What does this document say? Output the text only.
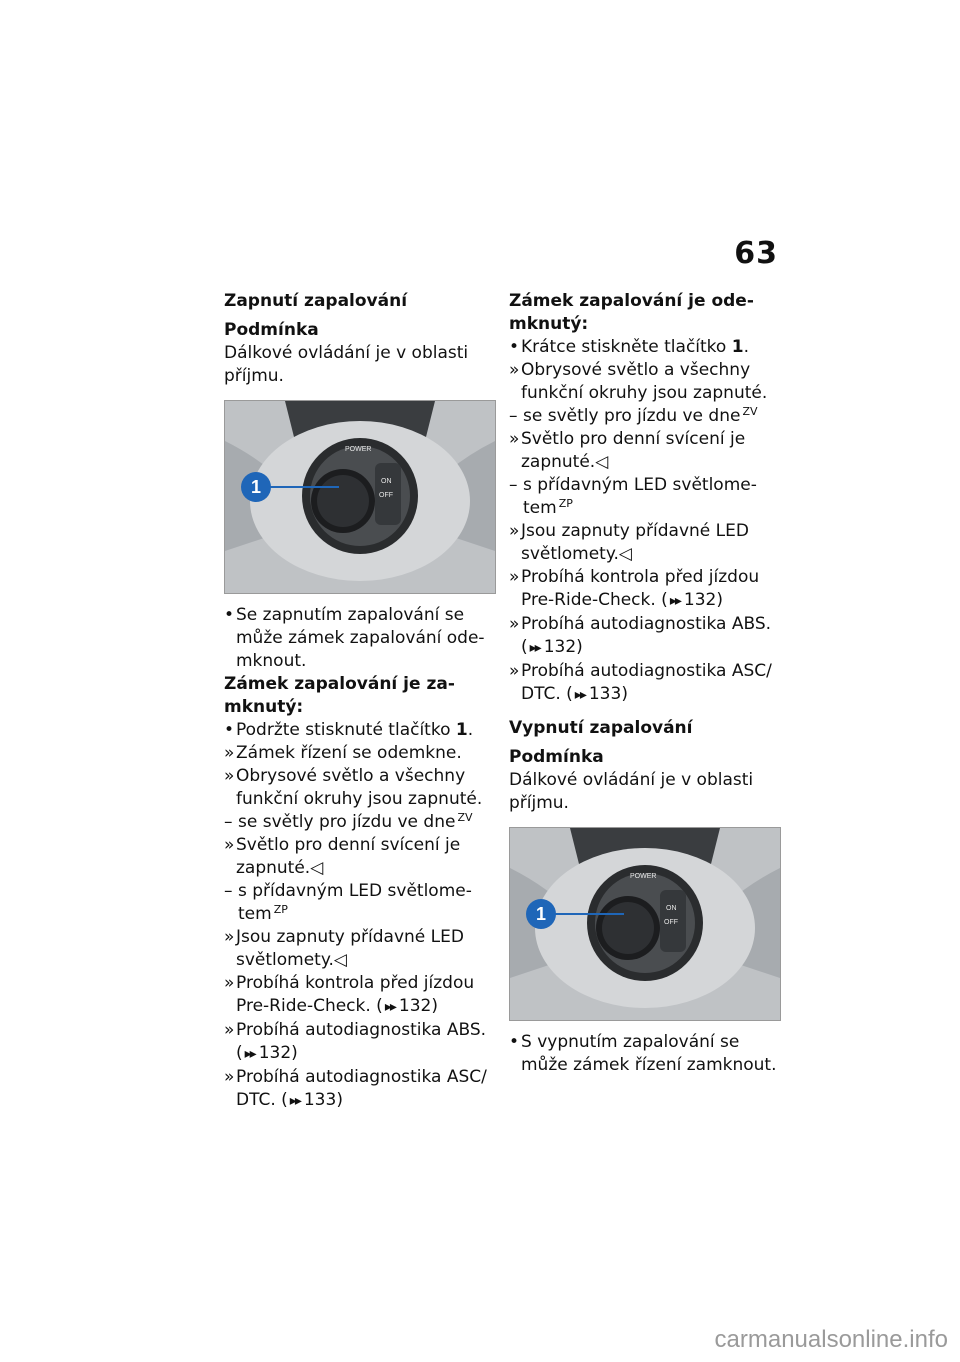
63

Zapnutí zapalování

Podmínka

Dálkové ovládání je v oblasti příjmu.

POWER
ON
OFF
1
• Se zapnutím zapalování se může zámek zapalování ode-mknout.

Zámek zapalování je za-mknutý:

• Podržte stisknuté tlačítko 1.
» Zámek řízení se odemkne.
» Obrysové světlo a všechny funkční okruhy jsou zapnuté.
– se světly pro jízdu ve dne $^{ZV}$
» Světlo pro denní svícení je zapnuté.◁
– s přídavným LED světlome-tem $^{ZP}$
» Jsou zapnuty přídavné LED světlomety.◁
» Probíhá kontrola před jízdou Pre-Ride-Check. ( ▸▸ 132)
» Probíhá autodiagnostika ABS. ( ▸▸ 132)
» Probíhá autodiagnostika ASC/ DTC. ( ▸▸ 133)

Zámek zapalování je ode-mknutý:

• Krátce stiskněte tlačítko 1.
» Obrysové světlo a všechny funkční okruhy jsou zapnuté.
– se světly pro jízdu ve dne $^{ZV}$
» Světlo pro denní svícení je zapnuté.◁
– s přídavným LED světlome-tem $^{ZP}$
» Jsou zapnuty přídavné LED světlomety.◁
» Probíhá kontrola před jízdou Pre-Ride-Check. ( ▸▸ 132)
» Probíhá autodiagnostika ABS. ( ▸▸ 132)
» Probíhá autodiagnostika ASC/ DTC. ( ▸▸ 133)

Vypnutí zapalování

Podmínka

Dálkové ovládání je v oblasti příjmu.

POWER
ON
OFF
1
• S vypnutím zapalování se může zámek řízení zamknout.
carmanualsonline.info
